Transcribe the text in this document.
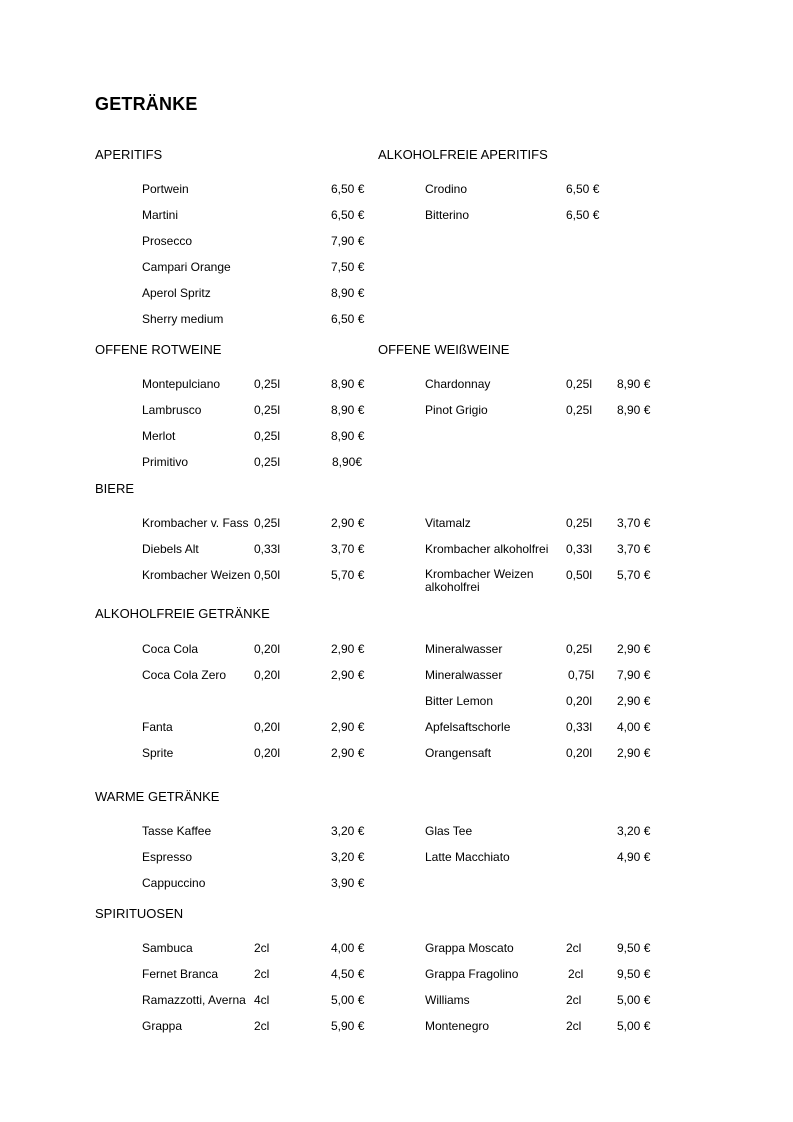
GETRÄNKE
APERITIFS
Portwein	6,50 €
Martini	6,50 €
Prosecco	7,90 €
Campari Orange	7,50 €
Aperol Spritz	8,90 €
Sherry medium	6,50 €
ALKOHOLFREIE APERITIFS
Crodino	6,50 €
Bitterino	6,50 €
OFFENE ROTWEINE
Montepulciano	0,25l	8,90 €
Lambrusco	0,25l	8,90 €
Merlot	0,25l	8,90 €
Primitivo	0,25l	8,90€
OFFENE WEIßWEINE
Chardonnay	0,25l 8,90 €
Pinot Grigio	0,25l 8,90 €
BIERE
Krombacher v. Fass 0,25l	2,90 €
Diebels Alt	0,33l	3,70 €
Krombacher Weizen 0,50l	5,70 €
Vitamalz	0,25l 3,70 €
Krombacher alkoholfrei 0,33l 3,70 €
Krombacher Weizen alkoholfrei
0,50l 5,70 €
ALKOHOLFREIE GETRÄNKE
Coca Cola	0,20l	2,90 €
Coca Cola Zero 0,20l	2,90 €
Fanta	0,20l	2,90 €
Sprite	0,20l	2,90 €
Mineralwasser	0,25l 2,90 €
Mineralwasser	0,75l 7,90 €
Bitter Lemon	0,20l 2,90 €
Apfelsaftschorle	0,33l 4,00 €
Orangensaft	0,20l 2,90 €
WARME GETRÄNKE
Tasse Kaffee	3,20 €
Espresso	3,20 €
Cappuccino	3,90 €
Glas Tee	3,20 €
Latte Macchiato	4,90 €
SPIRITUOSEN
Sambuca	2cl	4,00 €
Fernet Branca	2cl	4,50 €
Ramazzotti, Averna 4cl	5,00 €
Grappa	2cl	5,90 €
Grappa Moscato	2cl	9,50 €
Grappa Fragolino	2cl	9,50 €
Williams	2cl	5,00 €
Montenegro	2cl	5,00 €
